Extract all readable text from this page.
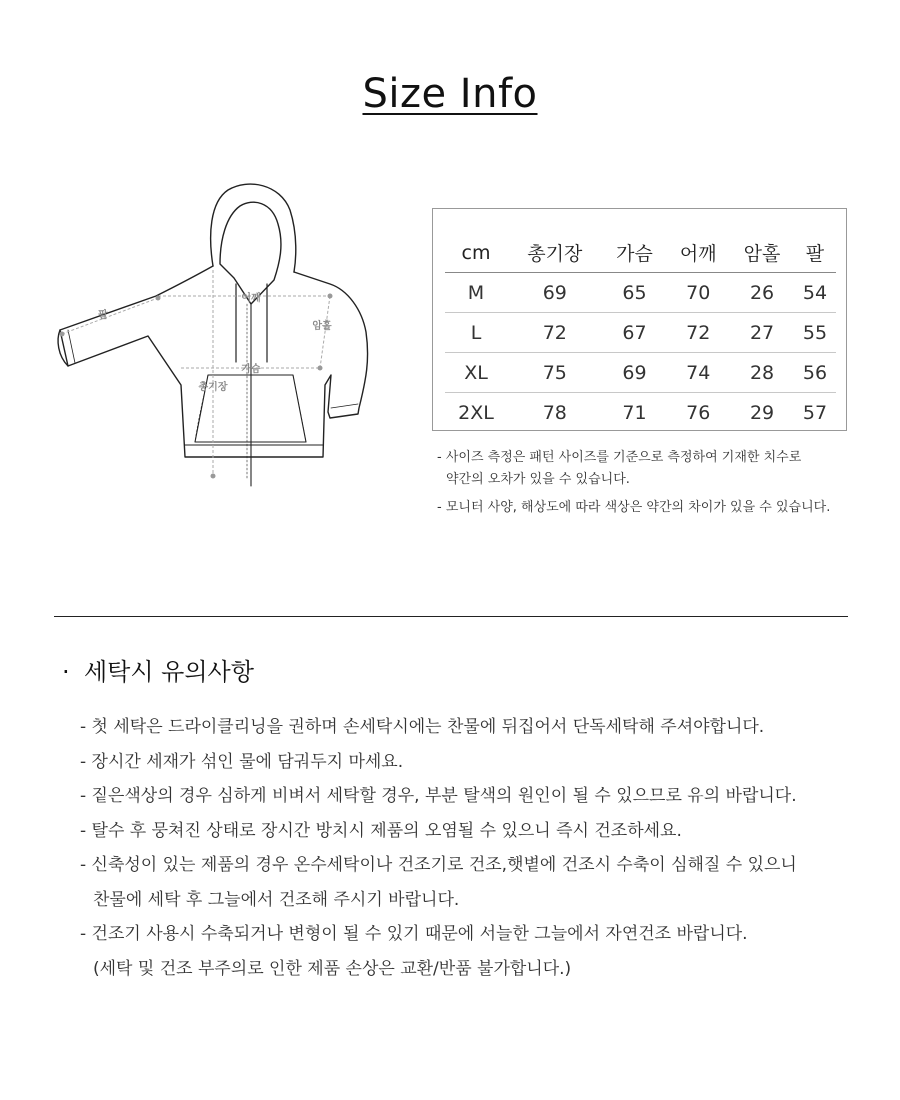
Size Info
팔
어깨
암홀
가슴
총기장
cm	총기장	가슴	어깨	암홀	팔
M	69	65	70	26	54
L	72	67	72	27	55
XL	75	69	74	28	56
2XL	78	71	76	29	57
- 사이즈 측정은 패턴 사이즈를 기준으로 측정하여 기재한 치수로
약간의 오차가 있을 수 있습니다.
- 모니터 사양, 해상도에 따라 색상은 약간의 차이가 있을 수 있습니다.
· 세탁시 유의사항
- 첫 세탁은 드라이클리닝을 권하며 손세탁시에는 찬물에 뒤집어서 단독세탁해 주셔야합니다.
- 장시간 세재가 섞인 물에 담궈두지 마세요.
- 짙은색상의 경우 심하게 비벼서 세탁할 경우, 부분 탈색의 원인이 될 수 있으므로 유의 바랍니다.
- 탈수 후 뭉쳐진 상태로 장시간 방치시 제품의 오염될 수 있으니 즉시 건조하세요.
- 신축성이 있는 제품의 경우 온수세탁이나 건조기로 건조,햇볕에 건조시 수축이 심해질 수 있으니
찬물에 세탁 후 그늘에서 건조해 주시기 바랍니다.
- 건조기 사용시 수축되거나 변형이 될 수 있기 때문에 서늘한 그늘에서 자연건조 바랍니다.
(세탁 및 건조 부주의로 인한 제품 손상은 교환/반품 불가합니다.)
